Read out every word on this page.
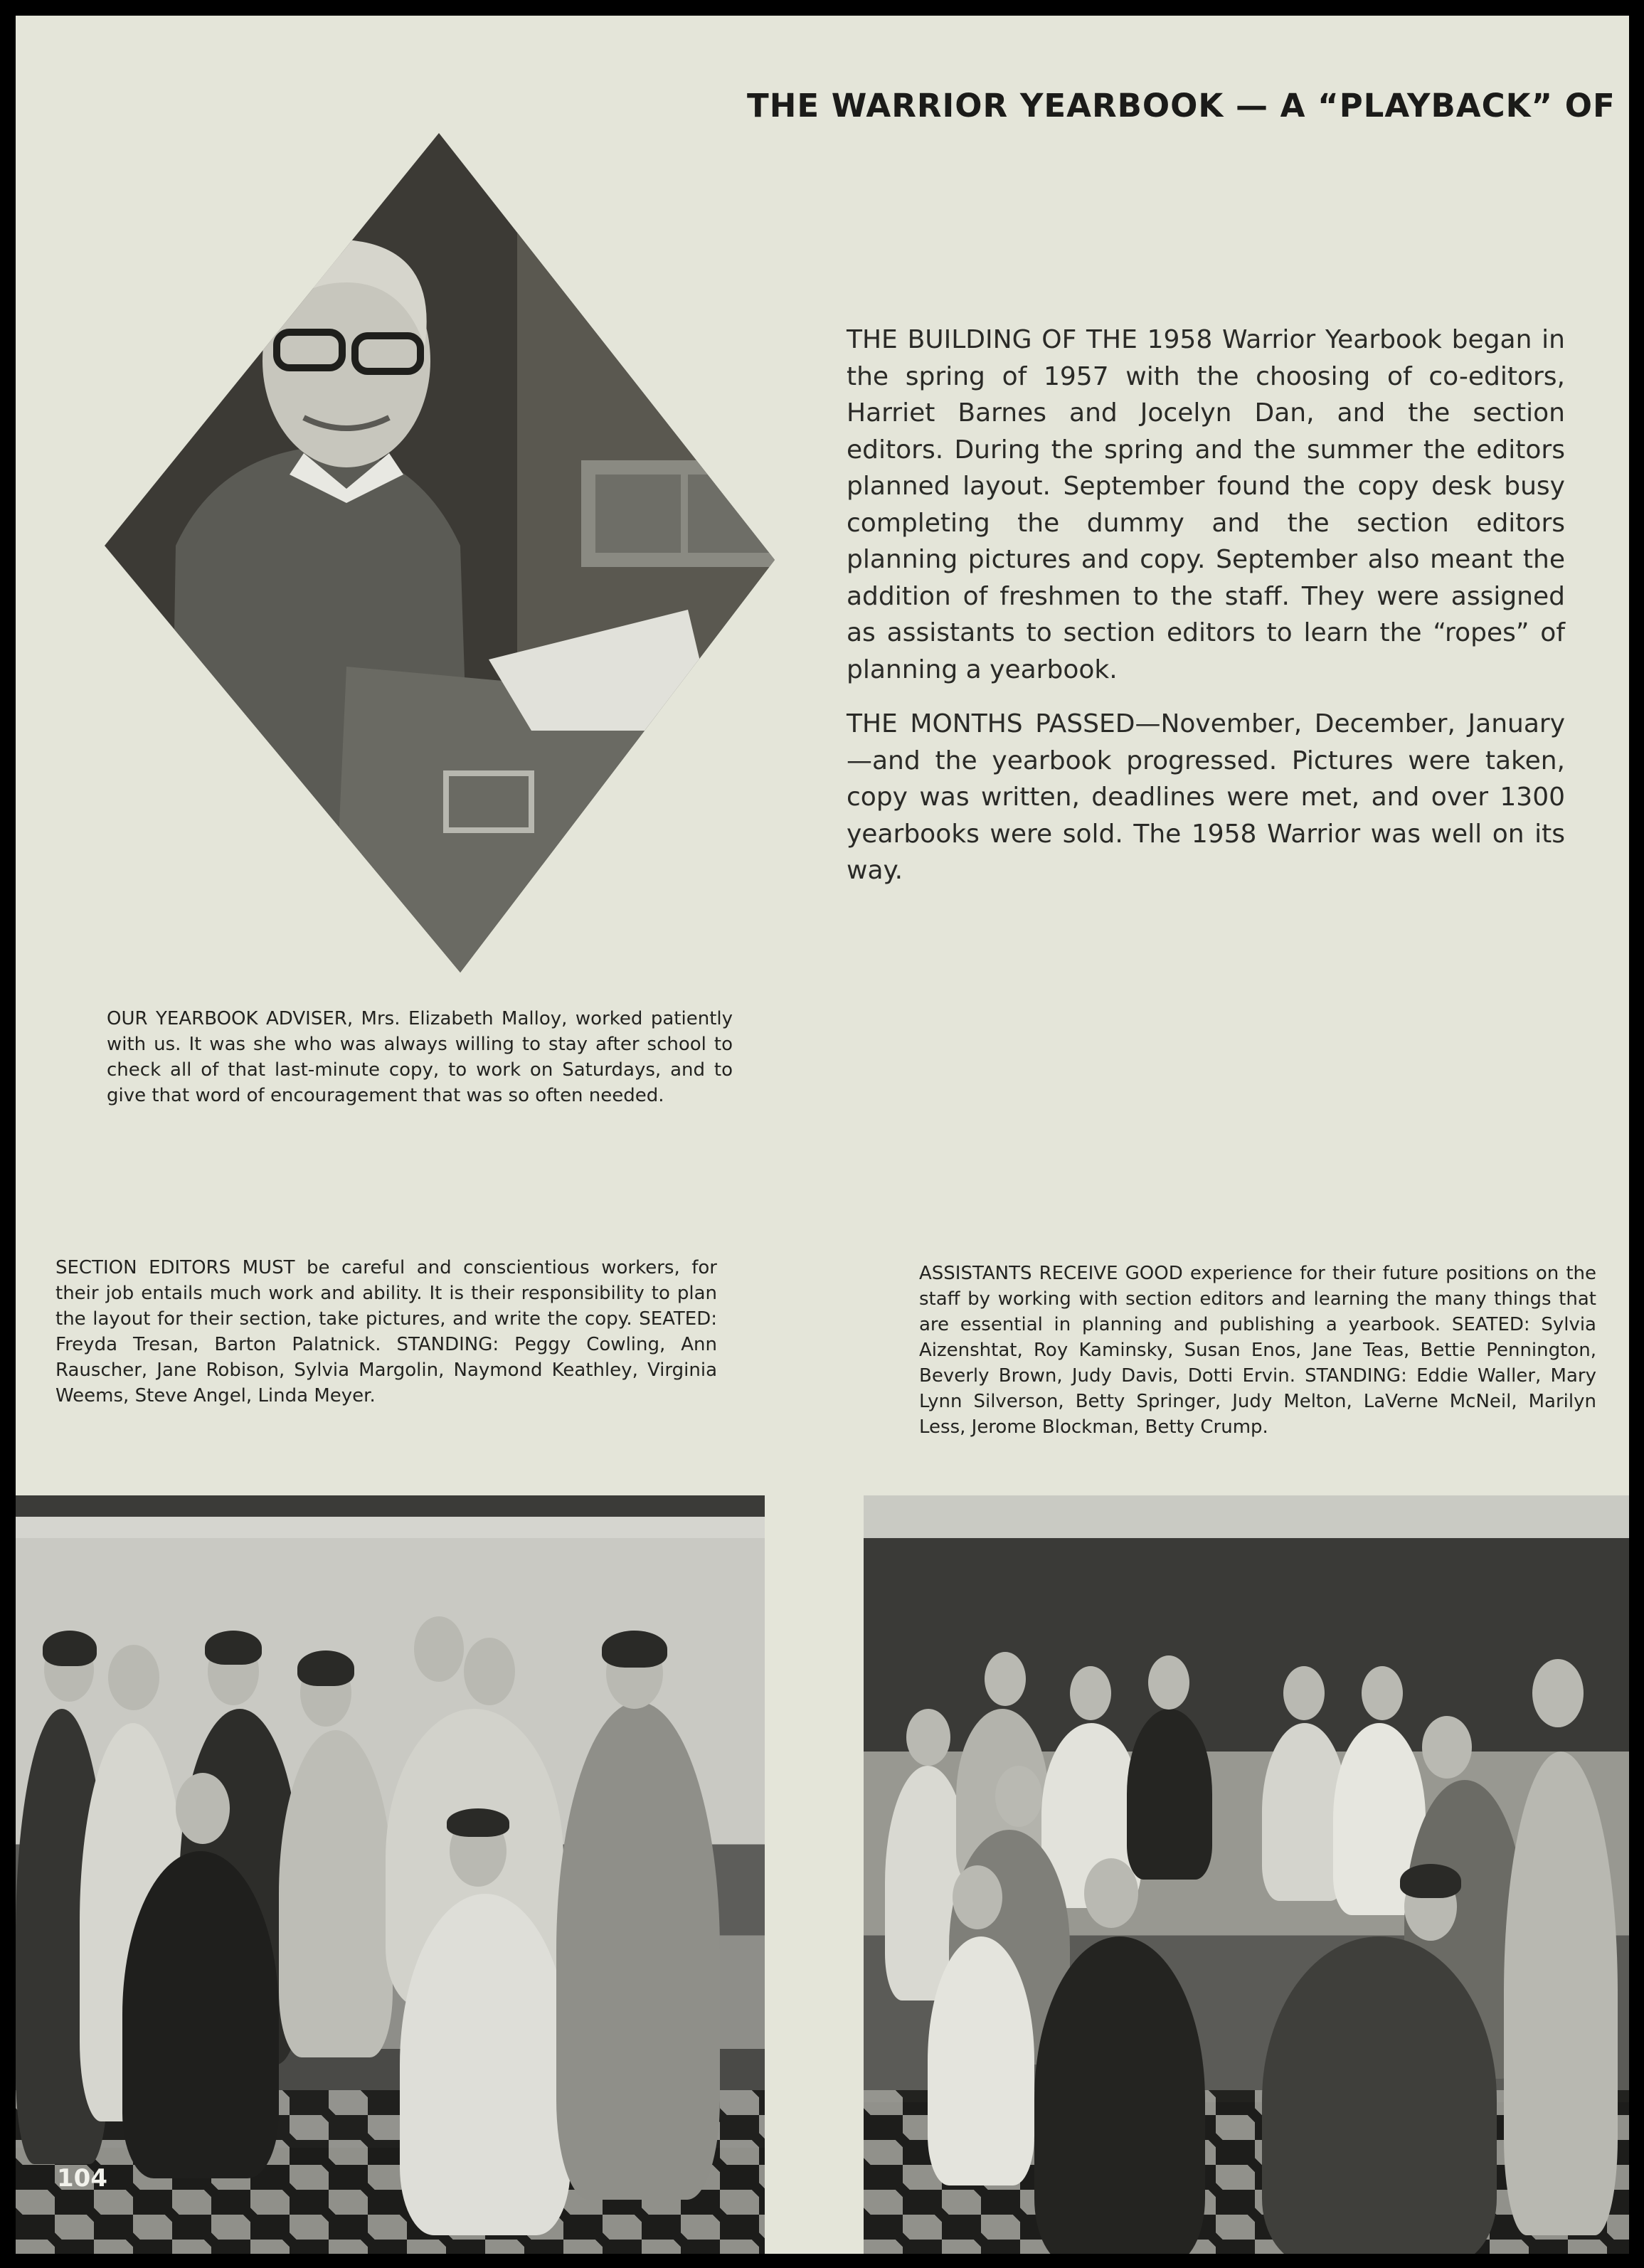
THE WARRIOR YEARBOOK — A “PLAYBACK” OF

THE BUILDING OF THE 1958 Warrior Yearbook began in the spring of 1957 with the choosing of co-editors, Harriet Barnes and Jocelyn Dan, and the section editors. During the spring and the summer the editors planned layout. September found the copy desk busy completing the dummy and the section editors planning pictures and copy. September also meant the addition of freshmen to the staff. They were assigned as assistants to section editors to learn the “ropes” of planning a yearbook.

THE MONTHS PASSED—November, December, January —and the yearbook progressed. Pictures were taken, copy was written, deadlines were met, and over 1300 yearbooks were sold. The 1958 Warrior was well on its way.

OUR YEARBOOK ADVISER, Mrs. Elizabeth Malloy, worked patiently with us. It was she who was always willing to stay after school to check all of that last-minute copy, to work on Saturdays, and to give that word of encouragement that was so often needed.

SECTION EDITORS MUST be careful and conscientious workers, for their job entails much work and ability. It is their responsibility to plan the layout for their section, take pictures, and write the copy. SEATED: Freyda Tresan, Barton Palatnick. STANDING: Peggy Cowling, Ann Rauscher, Jane Robison, Sylvia Margolin, Naymond Keathley, Virginia Weems, Steve Angel, Linda Meyer.

ASSISTANTS RECEIVE GOOD experience for their future positions on the staff by working with section editors and learning the many things that are essential in planning and publishing a yearbook. SEATED: Sylvia Aizenshtat, Roy Kaminsky, Susan Enos, Jane Teas, Bettie Pennington, Beverly Brown, Judy Davis, Dotti Ervin. STANDING: Eddie Waller, Mary Lynn Silverson, Betty Springer, Judy Melton, LaVerne McNeil, Marilyn Less, Jerome Blockman, Betty Crump.

104
